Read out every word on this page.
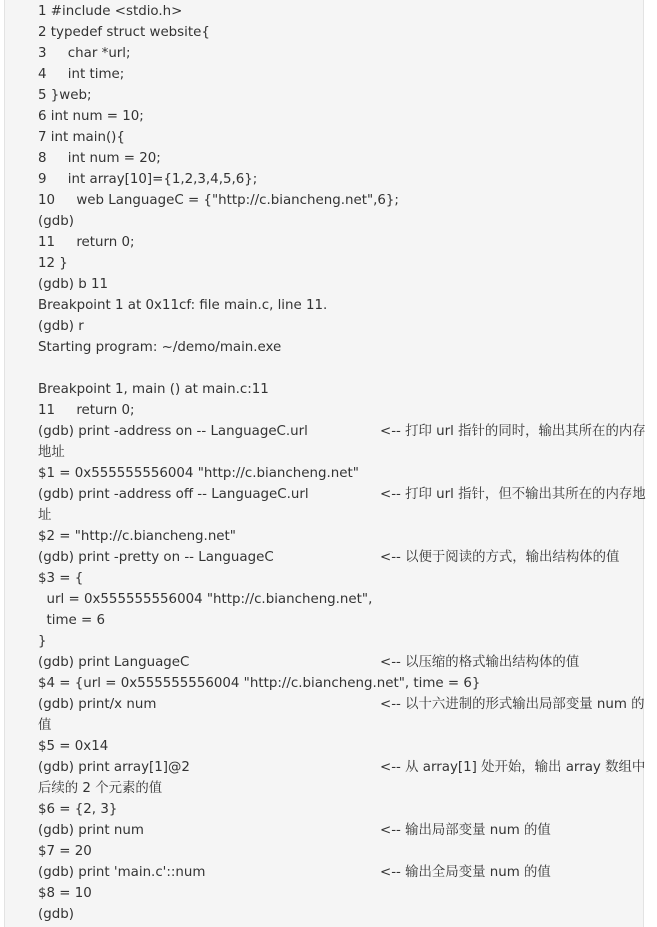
1 #include <stdio.h>
2 typedef struct website{
3     char *url;
4     int time;
5 }web;
6 int num = 10;
7 int main(){
8     int num = 20;
9     int array[10]={1,2,3,4,5,6};
10     web LanguageC = {"http://c.biancheng.net",6};
(gdb)
11     return 0;
12 }
(gdb) b 11
Breakpoint 1 at 0x11cf: file main.c, line 11.
(gdb) r
Starting program: ~/demo/main.exe
Breakpoint 1, main () at main.c:11
11     return 0;
(gdb) print -address on -- LanguageC.url	<-- 打印 url 指针的同时，输出其所在的内存
地址
$1 = 0x555555556004 "http://c.biancheng.net"
(gdb) print -address off -- LanguageC.url	<-- 打印 url 指针，但不输出其所在的内存地
址
$2 = "http://c.biancheng.net"
(gdb) print -pretty on -- LanguageC	<-- 以便于阅读的方式，输出结构体的值
$3 = {
url = 0x555555556004 "http://c.biancheng.net",
time = 6
}
(gdb) print LanguageC	<-- 以压缩的格式输出结构体的值
$4 = {url = 0x555555556004 "http://c.biancheng.net", time = 6}
(gdb) print/x num	<-- 以十六进制的形式输出局部变量 num 的
值
$5 = 0x14
(gdb) print array[1]@2	<-- 从 array[1] 处开始，输出 array 数组中
后续的 2 个元素的值
$6 = {2, 3}
(gdb) print num	<-- 输出局部变量 num 的值
$7 = 20
(gdb) print 'main.c'::num	<-- 输出全局变量 num 的值
$8 = 10
(gdb)
